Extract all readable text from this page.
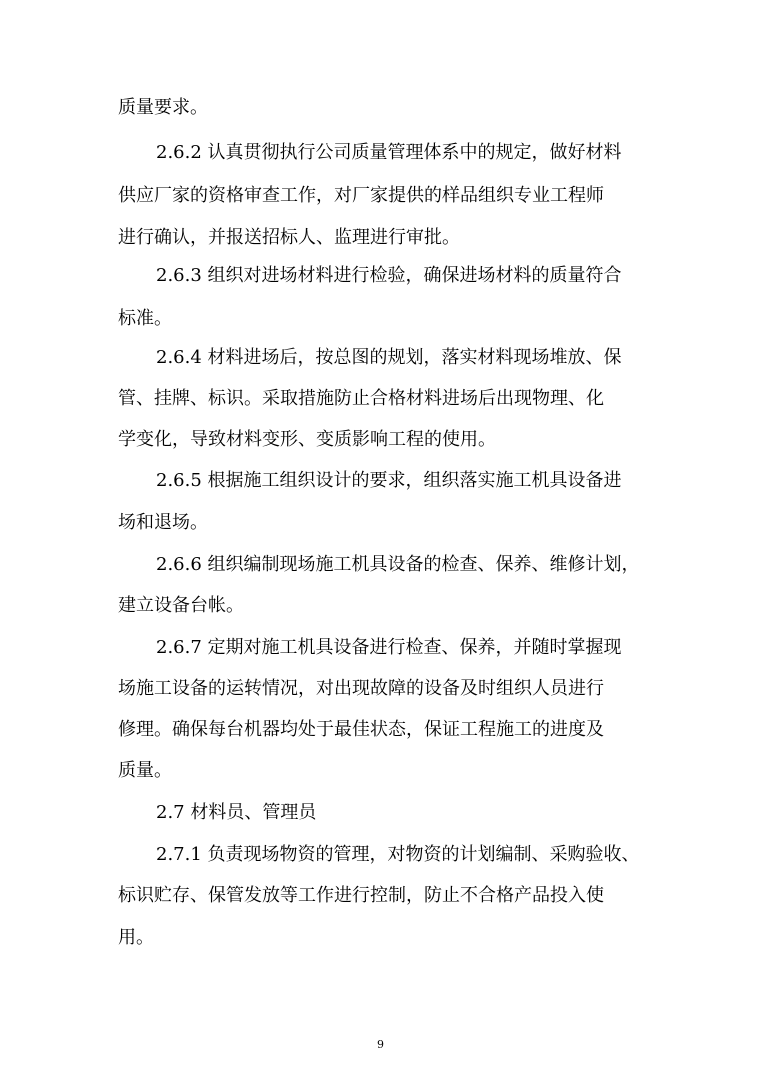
质量要求。
2.6.2 认真贯彻执行公司质量管理体系中的规定，做好材料
供应厂家的资格审查工作，对厂家提供的样品组织专业工程师
进行确认，并报送招标人、监理进行审批。
2.6.3 组织对进场材料进行检验，确保进场材料的质量符合
标准。
2.6.4 材料进场后，按总图的规划，落实材料现场堆放、保
管、挂牌、标识。采取措施防止合格材料进场后出现物理、化
学变化，导致材料变形、变质影响工程的使用。
2.6.5 根据施工组织设计的要求，组织落实施工机具设备进
场和退场。
2.6.6 组织编制现场施工机具设备的检查、保养、维修计划，
建立设备台帐。
2.6.7 定期对施工机具设备进行检查、保养，并随时掌握现
场施工设备的运转情况，对出现故障的设备及时组织人员进行
修理。确保每台机器均处于最佳状态，保证工程施工的进度及
质量。
2.7 材料员、管理员
2.7.1 负责现场物资的管理，对物资的计划编制、采购验收、
标识贮存、保管发放等工作进行控制，防止不合格产品投入使
用。
9
